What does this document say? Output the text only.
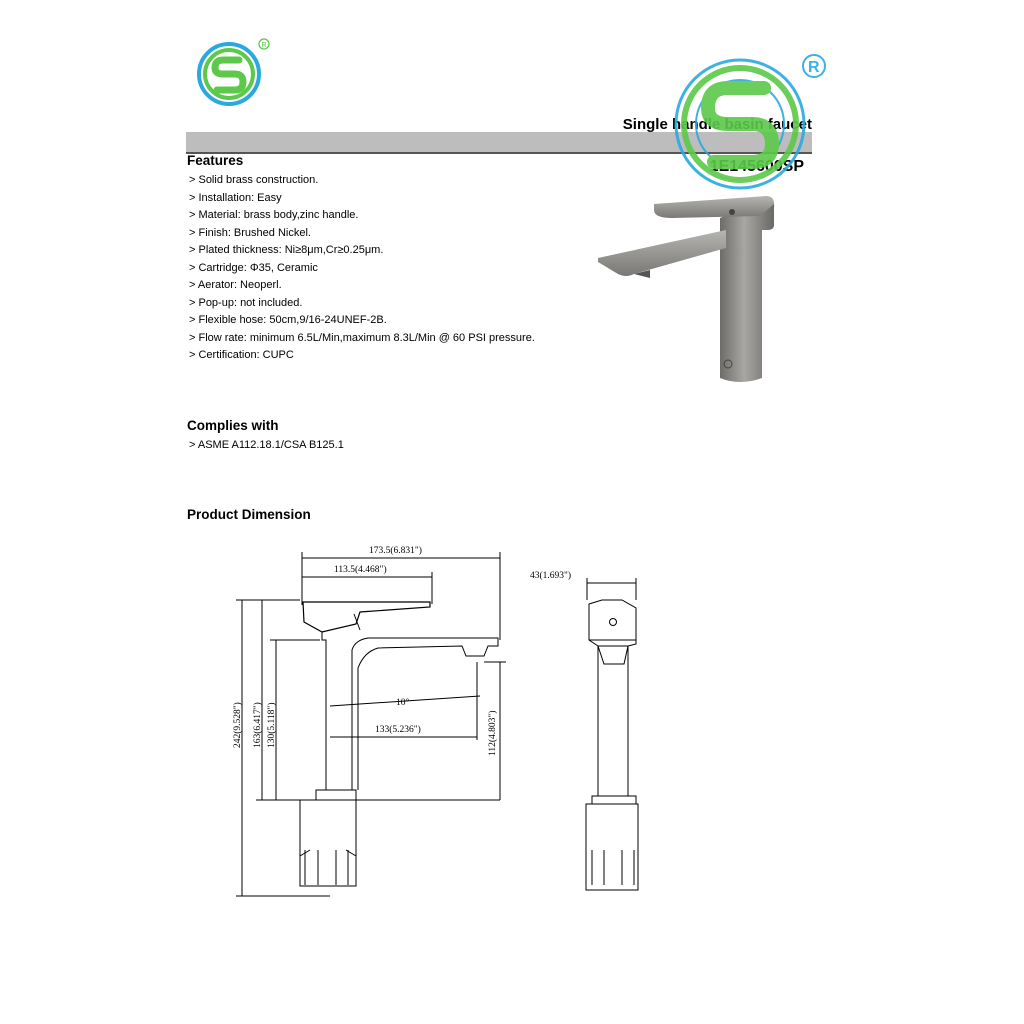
R
Single handle basin faucet
1E145600SP
R
Features
> Solid brass construction.
> Installation: Easy
> Material: brass body,zinc handle.
> Finish: Brushed Nickel.
> Plated thickness: Ni≥8μm,Cr≥0.25μm.
> Cartridge: Φ35, Ceramic
> Aerator: Neoperl.
> Pop-up: not included.
> Flexible hose: 50cm,9/16-24UNEF-2B.
> Flow rate: minimum 6.5L/Min,maximum 8.3L/Min @ 60 PSI pressure.
> Certification: CUPC
Complies with
> ASME A112.18.1/CSA B125.1
Product Dimension
173.5(6.831")
113.5(4.468")
43(1.693")
10°
133(5.236")
242(9.528") 163(6.417") 130(5.118")	112(4.803")
